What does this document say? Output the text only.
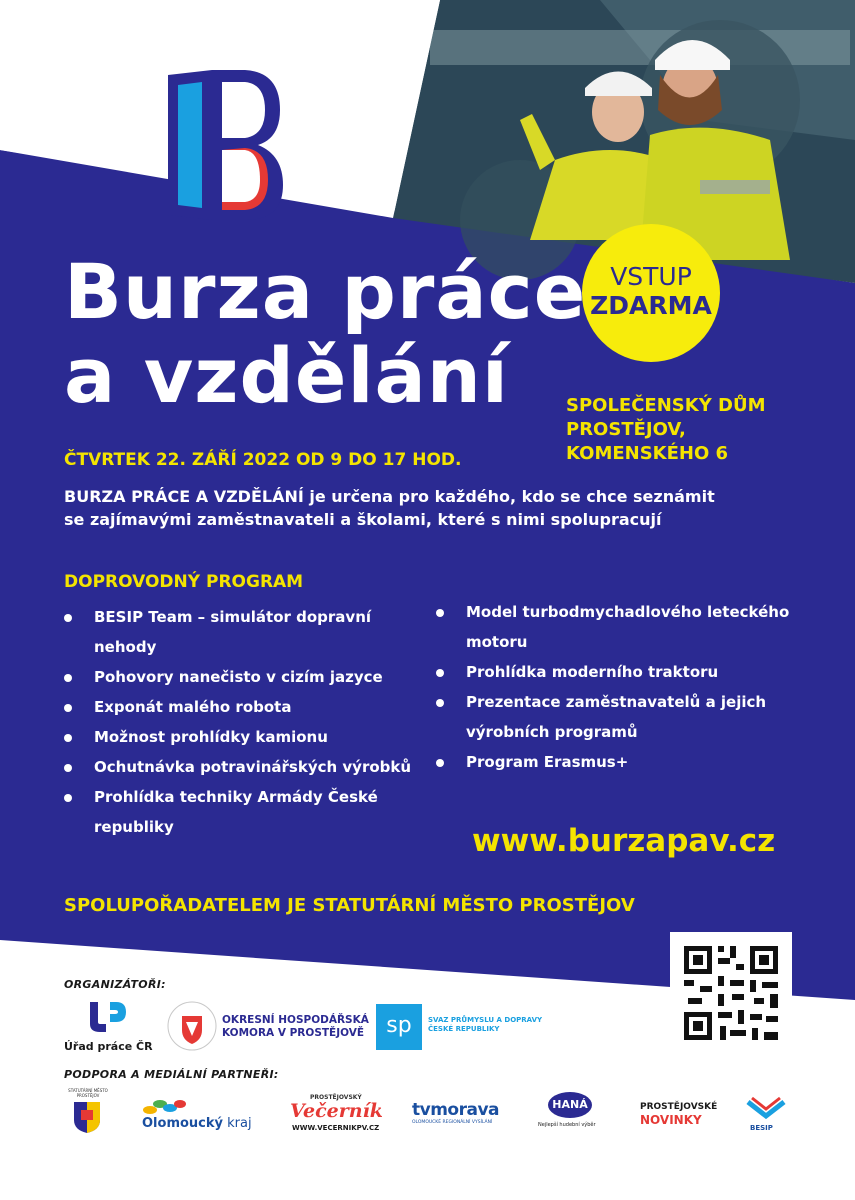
VSTUP
ZDARMA
Burza práce
a vzdělání	SPOLEČENSKÝ DŮM
PROSTĚJOV,
KOMENSKÉHO 6
ČTVRTEK 22. ZÁŘÍ 2022 OD 9 DO 17 HOD.
BURZA PRÁCE A VZDĚLÁNÍ je určena pro každého, kdo se chce seznámit
se zajímavými zaměstnavateli a školami, které s nimi spolupracují
DOPROVODNÝ PROGRAM
BESIP Team – simulátor dopravní
nehody
Pohovory nanečisto v cizím jazyce
Exponát malého robota
Možnost prohlídky kamionu
Ochutnávka potravinářských výrobků
Prohlídka techniky Armády České
republiky
Model turbodmychadlového leteckého
motoru
Prohlídka moderního traktoru
Prezentace zaměstnavatelů a jejich
výrobních programů
Program Erasmus+
www.burzapav.cz
SPOLUPOŘADATELEM JE STATUTÁRNÍ MĚSTO PROSTĚJOV
ORGANIZÁTOŘI:
Úřad práce ČR
OKRESNÍ HOSPODÁŘSKÁ
KOMORA V PROSTĚJOVĚ	sp	SVAZ PRŮMYSLU A DOPRAVY
ČESKÉ REPUBLIKY
PODPORA A MEDIÁLNÍ PARTNEŘI:
STATUTÁRNÍ MĚSTO PROSTĚJOV
Olomoucký kraj
PROSTĚJOVSKÝ
Večerník
WWW.VECERNIKPV.CZ
tvmorava
OLOMOUCKÉ REGIONÁLNÍ VYSÍLÁNÍ
HANÁ
Nejlepší hudební výběr
PROSTĚJOVSKÉ
NOVINKY
BESIP
